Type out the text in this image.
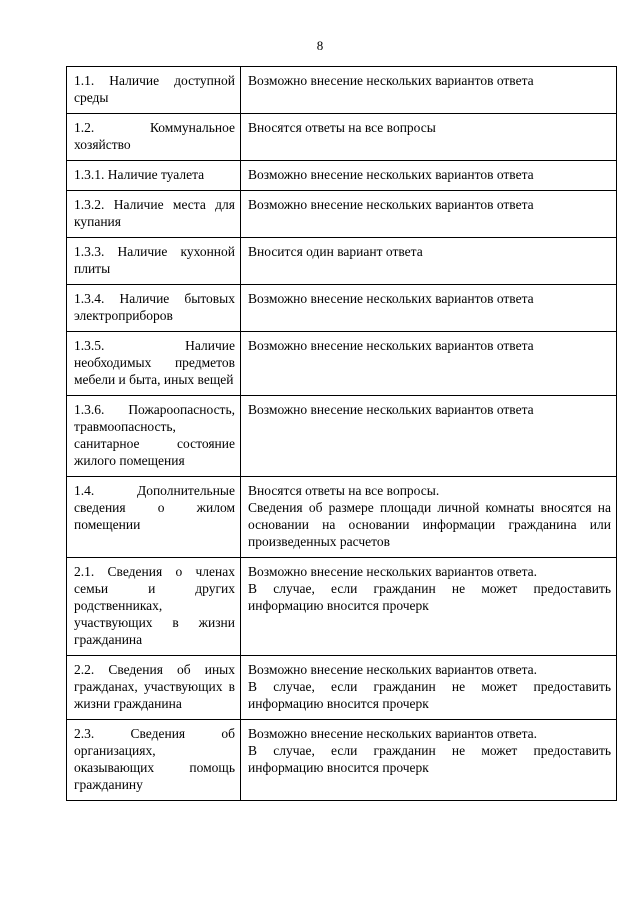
8
1.1. Наличие доступной среды	Возможно внесение нескольких вариантов ответа

1.2. Коммунальное хозяйство	Вносятся ответы на все вопросы

1.3.1. Наличие туалета	Возможно внесение нескольких вариантов ответа

1.3.2. Наличие места для купания	Возможно внесение нескольких вариантов ответа

1.3.3. Наличие кухонной плиты	Вносится один вариант ответа

1.3.4. Наличие бытовых электроприборов	Возможно внесение нескольких вариантов ответа

1.3.5. Наличие необходимых предметов мебели и быта, иных вещей	Возможно внесение нескольких вариантов ответа

1.3.6. Пожароопасность, травмоопасность, санитарное состояние жилого помещения	Возможно внесение нескольких вариантов ответа

1.4. Дополнительные сведения о жилом помещении	Вносятся ответы на все вопросы.
Сведения об размере площади личной комнаты вносятся на основании на основании информации гражданина или произведенных расчетов

2.1. Сведения о членах семьи и других родственниках, участвующих в жизни гражданина	Возможно внесение нескольких вариантов ответа.
В случае, если гражданин не может предоставить информацию вносится прочерк

2.2. Сведения об иных гражданах, участвующих в жизни гражданина	Возможно внесение нескольких вариантов ответа.
В случае, если гражданин не может предоставить информацию вносится прочерк

2.3. Сведения об организациях, оказывающих помощь гражданину	Возможно внесение нескольких вариантов ответа.
В случае, если гражданин не может предоставить информацию вносится прочерк
